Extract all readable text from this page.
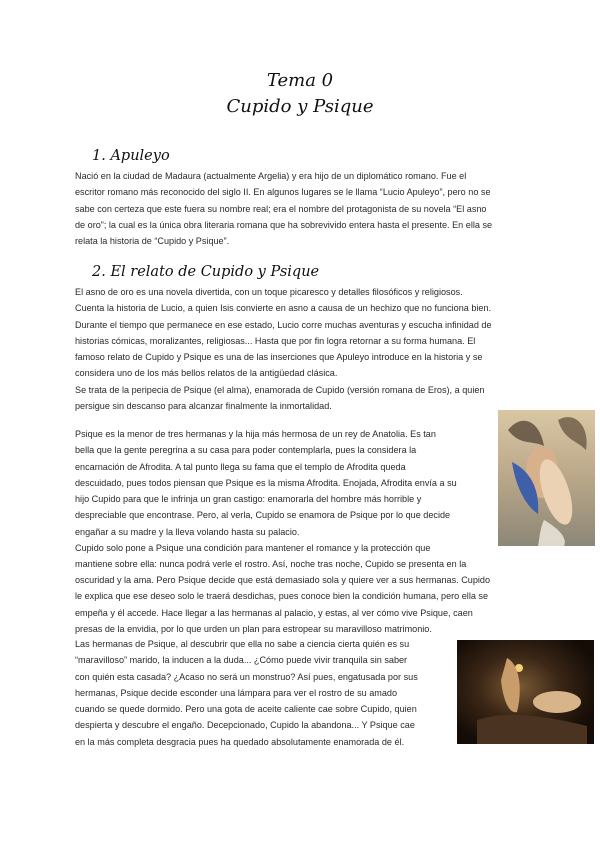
Tema 0
Cupido y Psique
1. Apuleyo
Nació en la ciudad de Madaura (actualmente Argelia) y era hijo de un diplomático romano. Fue el
escritor romano más reconocido del siglo II. En algunos lugares se le llama “Lucio Apuleyo”, pero no se
sabe con certeza que este fuera su nombre real; era el nombre del protagonista de su novela “El asno
de oro”; la cual es la única obra literaria romana que ha sobrevivido entera hasta el presente. En ella se
relata la historia de “Cupido y Psique”.
2. El relato de Cupido y Psique
El asno de oro es una novela divertida, con un toque picaresco y detalles filosóficos y religiosos.
Cuenta la historia de Lucio, a quien Isis convierte en asno a causa de un hechizo que no funciona bien.
Durante el tiempo que permanece en ese estado, Lucio corre muchas aventuras y escucha infinidad de
historias cómicas, moralizantes, religiosas... Hasta que por fin logra retornar a su forma humana. El
famoso relato de Cupido y Psique es una de las inserciones que Apuleyo introduce en la historia y se
considera uno de los más bellos relatos de la antigüedad clásica.
Se trata de la peripecia de Psique (el alma), enamorada de Cupido (versión romana de Eros), a quien
persigue sin descanso para alcanzar finalmente la inmortalidad.
Psique es la menor de tres hermanas y la hija más hermosa de un rey de Anatolia. Es tan
bella que la gente peregrina a su casa para poder contemplarla, pues la considera la
encarnación de Afrodita. A tal punto llega su fama que el templo de Afrodita queda
descuidado, pues todos piensan que Psique es la misma Afrodita. Enojada, Afrodita envía a su
hijo Cupido para que le infrinja un gran castigo: enamorarla del hombre más horrible y
despreciable que encontrase. Pero, al verla, Cupido se enamora de Psique por lo que decide
engañar a su madre y la lleva volando hasta su palacio.
Cupido solo pone a Psique una condición para mantener el romance y la protección que
mantiene sobre ella: nunca podrá verle el rostro. Así, noche tras noche, Cupido se presenta en la
oscuridad y la ama. Pero Psique decide que está demasiado sola y quiere ver a sus hermanas. Cupido
le explica que ese deseo solo le traerá desdichas, pues conoce bien la condición humana, pero ella se
empeña y él accede. Hace llegar a las hermanas al palacio, y estas, al ver cómo vive Psique, caen
presas de la envidia, por lo que urden un plan para estropear su maravilloso matrimonio.
Las hermanas de Psique, al descubrir que ella no sabe a ciencia cierta quién es su
“maravilloso” marido, la inducen a la duda... ¿Cómo puede vivir tranquila sin saber
con quién esta casada? ¿Acaso no será un monstruo? Así pues, engatusada por sus
hermanas, Psique decide esconder una lámpara para ver el rostro de su amado
cuando se quede dormido. Pero una gota de aceite caliente cae sobre Cupido, quien
despierta y descubre el engaño. Decepcionado, Cupido la abandona... Y Psique cae
en la más completa desgracia pues ha quedado absolutamente enamorada de él.
